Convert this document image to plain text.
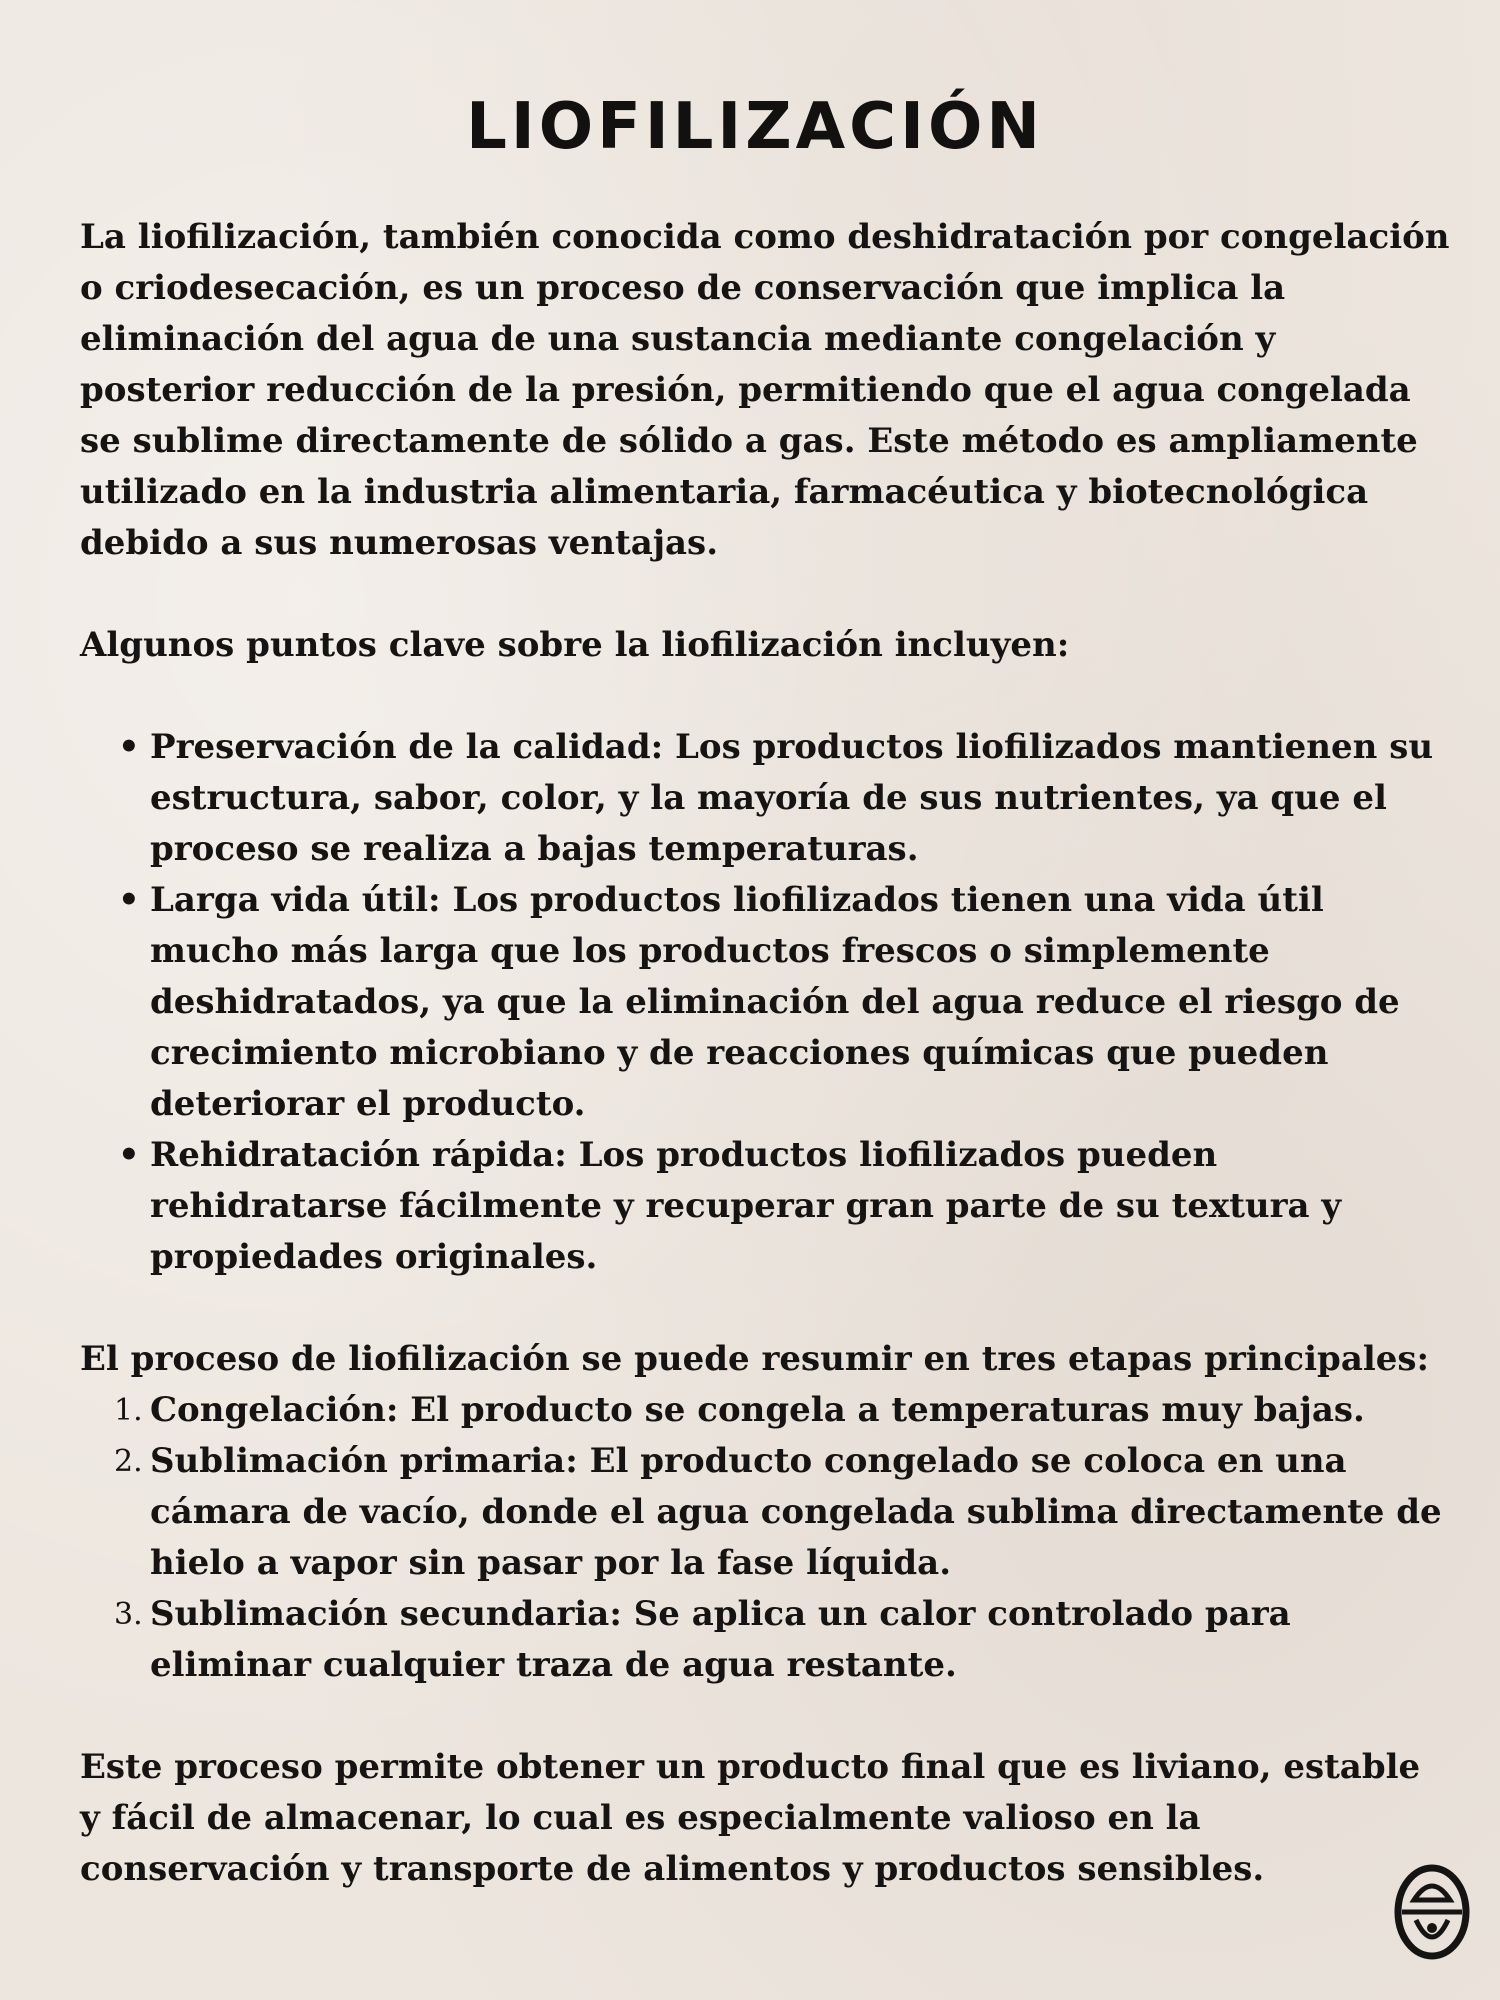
LIOFILIZACIÓN

La liofilización, también conocida como deshidratación por congelación o criodesecación, es un proceso de conservación que implica la eliminación del agua de una sustancia mediante congelación y posterior reducción de la presión, permitiendo que el agua congelada se sublime directamente de sólido a gas. Este método es ampliamente utilizado en la industria alimentaria, farmacéutica y biotecnológica debido a sus numerosas ventajas.

Algunos puntos clave sobre la liofilización incluyen:

• Preservación de la calidad: Los productos liofilizados mantienen su estructura, sabor, color, y la mayoría de sus nutrientes, ya que el proceso se realiza a bajas temperaturas.
• Larga vida útil: Los productos liofilizados tienen una vida útil mucho más larga que los productos frescos o simplemente deshidratados, ya que la eliminación del agua reduce el riesgo de crecimiento microbiano y de reacciones químicas que pueden deteriorar el producto.
• Rehidratación rápida: Los productos liofilizados pueden rehidratarse fácilmente y recuperar gran parte de su textura y propiedades originales.

El proceso de liofilización se puede resumir en tres etapas principales:

1. Congelación: El producto se congela a temperaturas muy bajas.
2. Sublimación primaria: El producto congelado se coloca en una cámara de vacío, donde el agua congelada sublima directamente de hielo a vapor sin pasar por la fase líquida.
3. Sublimación secundaria: Se aplica un calor controlado para eliminar cualquier traza de agua restante.

Este proceso permite obtener un producto final que es liviano, estable y fácil de almacenar, lo cual es especialmente valioso en la conservación y transporte de alimentos y productos sensibles.
